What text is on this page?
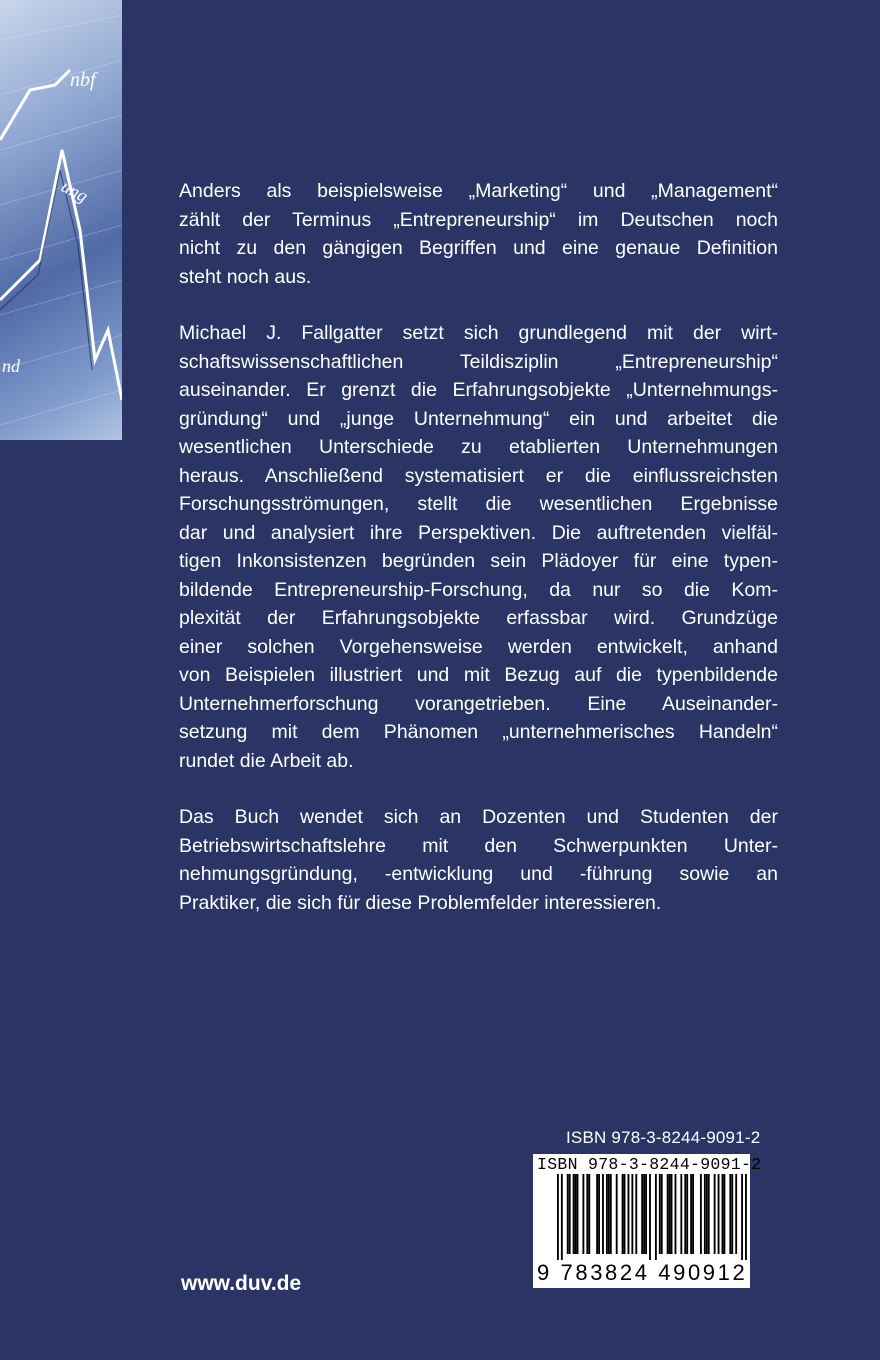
nbf
ung
nd

Anders als beispielsweise „Marketing“ und „Management“
zählt der Terminus „Entrepreneurship“ im Deutschen noch
nicht zu den gängigen Begriffen und eine genaue Definition
steht noch aus.

Michael J. Fallgatter setzt sich grundlegend mit der wirt-
schaftswissenschaftlichen Teildisziplin „Entrepreneurship“
auseinander. Er grenzt die Erfahrungsobjekte „Unternehmungs-
gründung“ und „junge Unternehmung“ ein und arbeitet die
wesentlichen Unterschiede zu etablierten Unternehmungen
heraus. Anschließend systematisiert er die einflussreichsten
Forschungsströmungen, stellt die wesentlichen Ergebnisse
dar und analysiert ihre Perspektiven. Die auftretenden vielfäl-
tigen Inkonsistenzen begründen sein Plädoyer für eine typen-
bildende Entrepreneurship-Forschung, da nur so die Kom-
plexität der Erfahrungsobjekte erfassbar wird. Grundzüge
einer solchen Vorgehensweise werden entwickelt, anhand
von Beispielen illustriert und mit Bezug auf die typenbildende
Unternehmerforschung vorangetrieben. Eine Auseinander-
setzung mit dem Phänomen „unternehmerisches Handeln“
rundet die Arbeit ab.

Das Buch wendet sich an Dozenten und Studenten der
Betriebswirtschaftslehre mit den Schwerpunkten Unter-
nehmungsgründung, -entwicklung und -führung sowie an
Praktiker, die sich für diese Problemfelder interessieren.

ISBN 978-3-8244-9091-2
ISBN 978-3-8244-9091-2
9 783824 490912
www.duv.de
